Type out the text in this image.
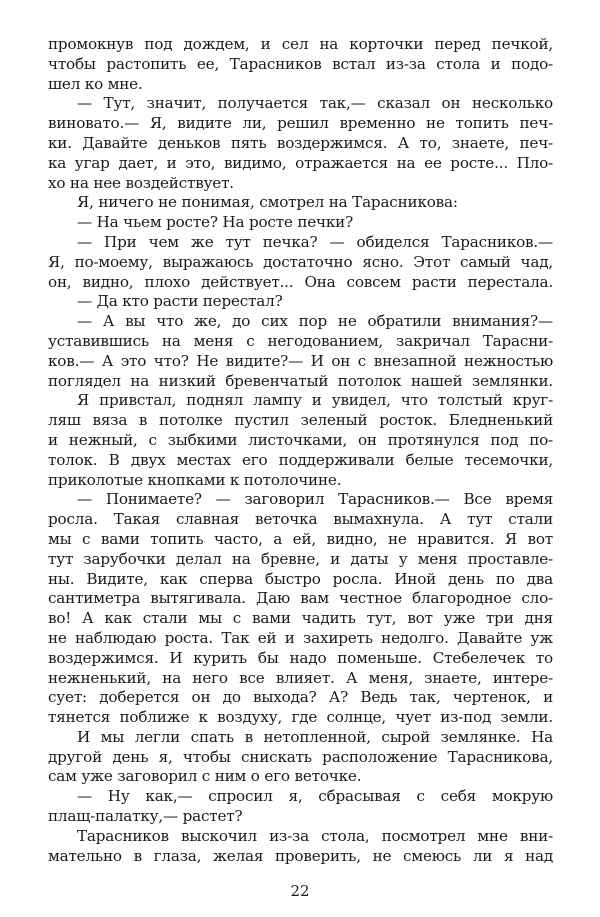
промокнув под дождем, и сел на корточки перед печкой,
чтобы растопить ее, Тарасников встал из-за стола и подо-
шел ко мне.
— Тут, значит, получается так,— сказал он несколько
виновато.— Я, видите ли, решил временно не топить печ-
ки. Давайте деньков пять воздержимся. А то, знаете, печ-
ка угар дает, и это, видимо, отражается на ее росте... Пло-
хо на нее воздействует.
Я, ничего не понимая, смотрел на Тарасникова:
— На чьем росте? На росте печки?
— При чем же тут печка? — обиделся Тарасников.—
Я, по-моему, выражаюсь достаточно ясно. Этот самый чад,
он, видно, плохо действует... Она совсем расти перестала.
— Да кто расти перестал?
— А вы что же, до сих пор не обратили внимания?—
уставившись на меня с негодованием, закричал Тарасни-
ков.— А это что? Не видите?— И он с внезапной нежностью
поглядел на низкий бревенчатый потолок нашей землянки.
Я привстал, поднял лампу и увидел, что толстый круг-
ляш вяза в потолке пустил зеленый росток. Бледненький
и нежный, с зыбкими листочками, он протянулся под по-
толок. В двух местах его поддерживали белые тесемочки,
приколотые кнопками к потолочине.
— Понимаете? — заговорил Тарасников.— Все время
росла. Такая славная веточка вымахнула. А тут стали
мы с вами топить часто, а ей, видно, не нравится. Я вот
тут зарубочки делал на бревне, и даты у меня проставле-
ны. Видите, как сперва быстро росла. Иной день по два
сантиметра вытягивала. Даю вам честное благородное сло-
во! А как стали мы с вами чадить тут, вот уже три дня
не наблюдаю роста. Так ей и захиреть недолго. Давайте уж
воздержимся. И курить бы надо поменьше. Стебелечек то
нежненький, на него все влияет. А меня, знаете, интере-
сует: доберется он до выхода? А? Ведь так, чертенок, и
тянется поближе к воздуху, где солнце, чует из-под земли.
И мы легли спать в нетопленной, сырой землянке. На
другой день я, чтобы снискать расположение Тарасникова,
сам уже заговорил с ним о его веточке.
— Ну как,— спросил я, сбрасывая с себя мокрую
плащ-палатку,— растет?
Тарасников выскочил из-за стола, посмотрел мне вни-
мательно в глаза, желая проверить, не смеюсь ли я над
22
